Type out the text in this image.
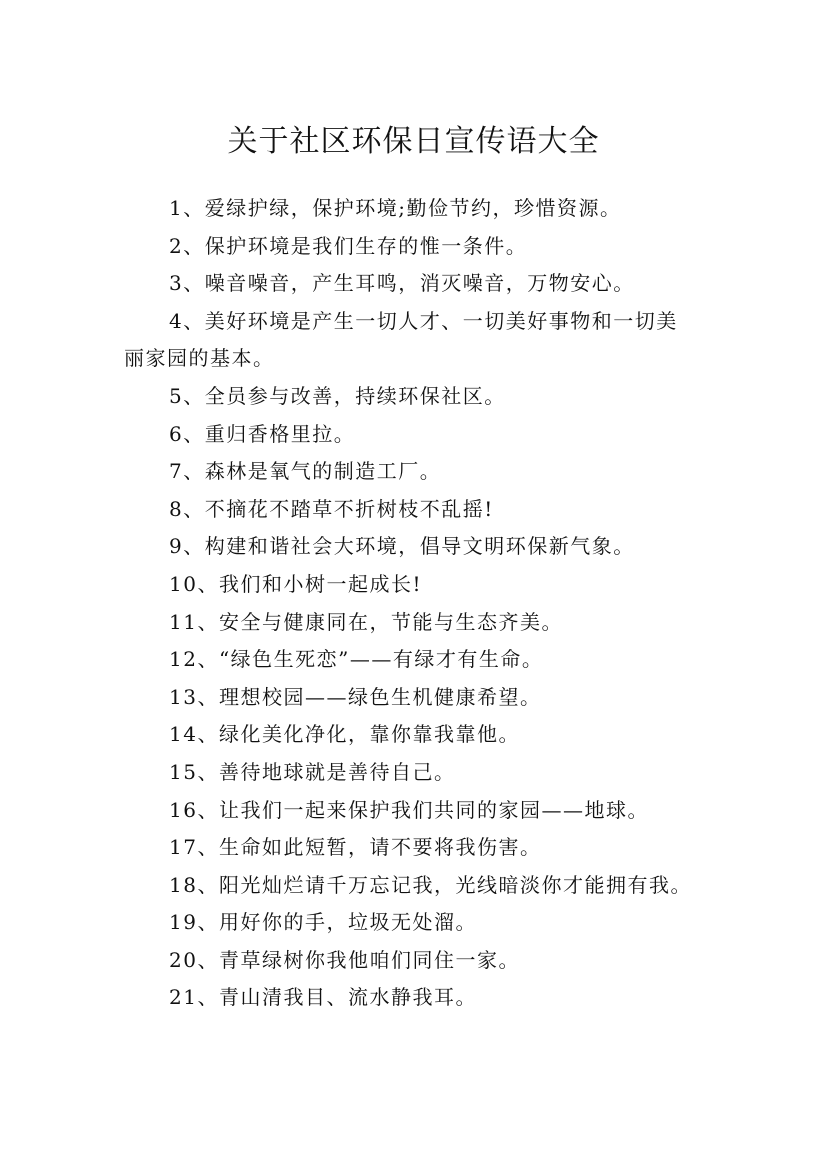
关于社区环保日宣传语大全
1、爱绿护绿，保护环境;勤俭节约，珍惜资源。
2、保护环境是我们生存的惟一条件。
3、噪音噪音，产生耳鸣，消灭噪音，万物安心。
4、美好环境是产生一切人才、一切美好事物和一切美
丽家园的基本。
5、全员参与改善，持续环保社区。
6、重归香格里拉。
7、森林是氧气的制造工厂。
8、不摘花不踏草不折树枝不乱摇!
9、构建和谐社会大环境，倡导文明环保新气象。
10、我们和小树一起成长!
11、安全与健康同在，节能与生态齐美。
12、“绿色生死恋”——有绿才有生命。
13、理想校园——绿色生机健康希望。
14、绿化美化净化，靠你靠我靠他。
15、善待地球就是善待自己。
16、让我们一起来保护我们共同的家园——地球。
17、生命如此短暂，请不要将我伤害。
18、阳光灿烂请千万忘记我，光线暗淡你才能拥有我。
19、用好你的手，垃圾无处溜。
20、青草绿树你我他咱们同住一家。
21、青山清我目、流水静我耳。
